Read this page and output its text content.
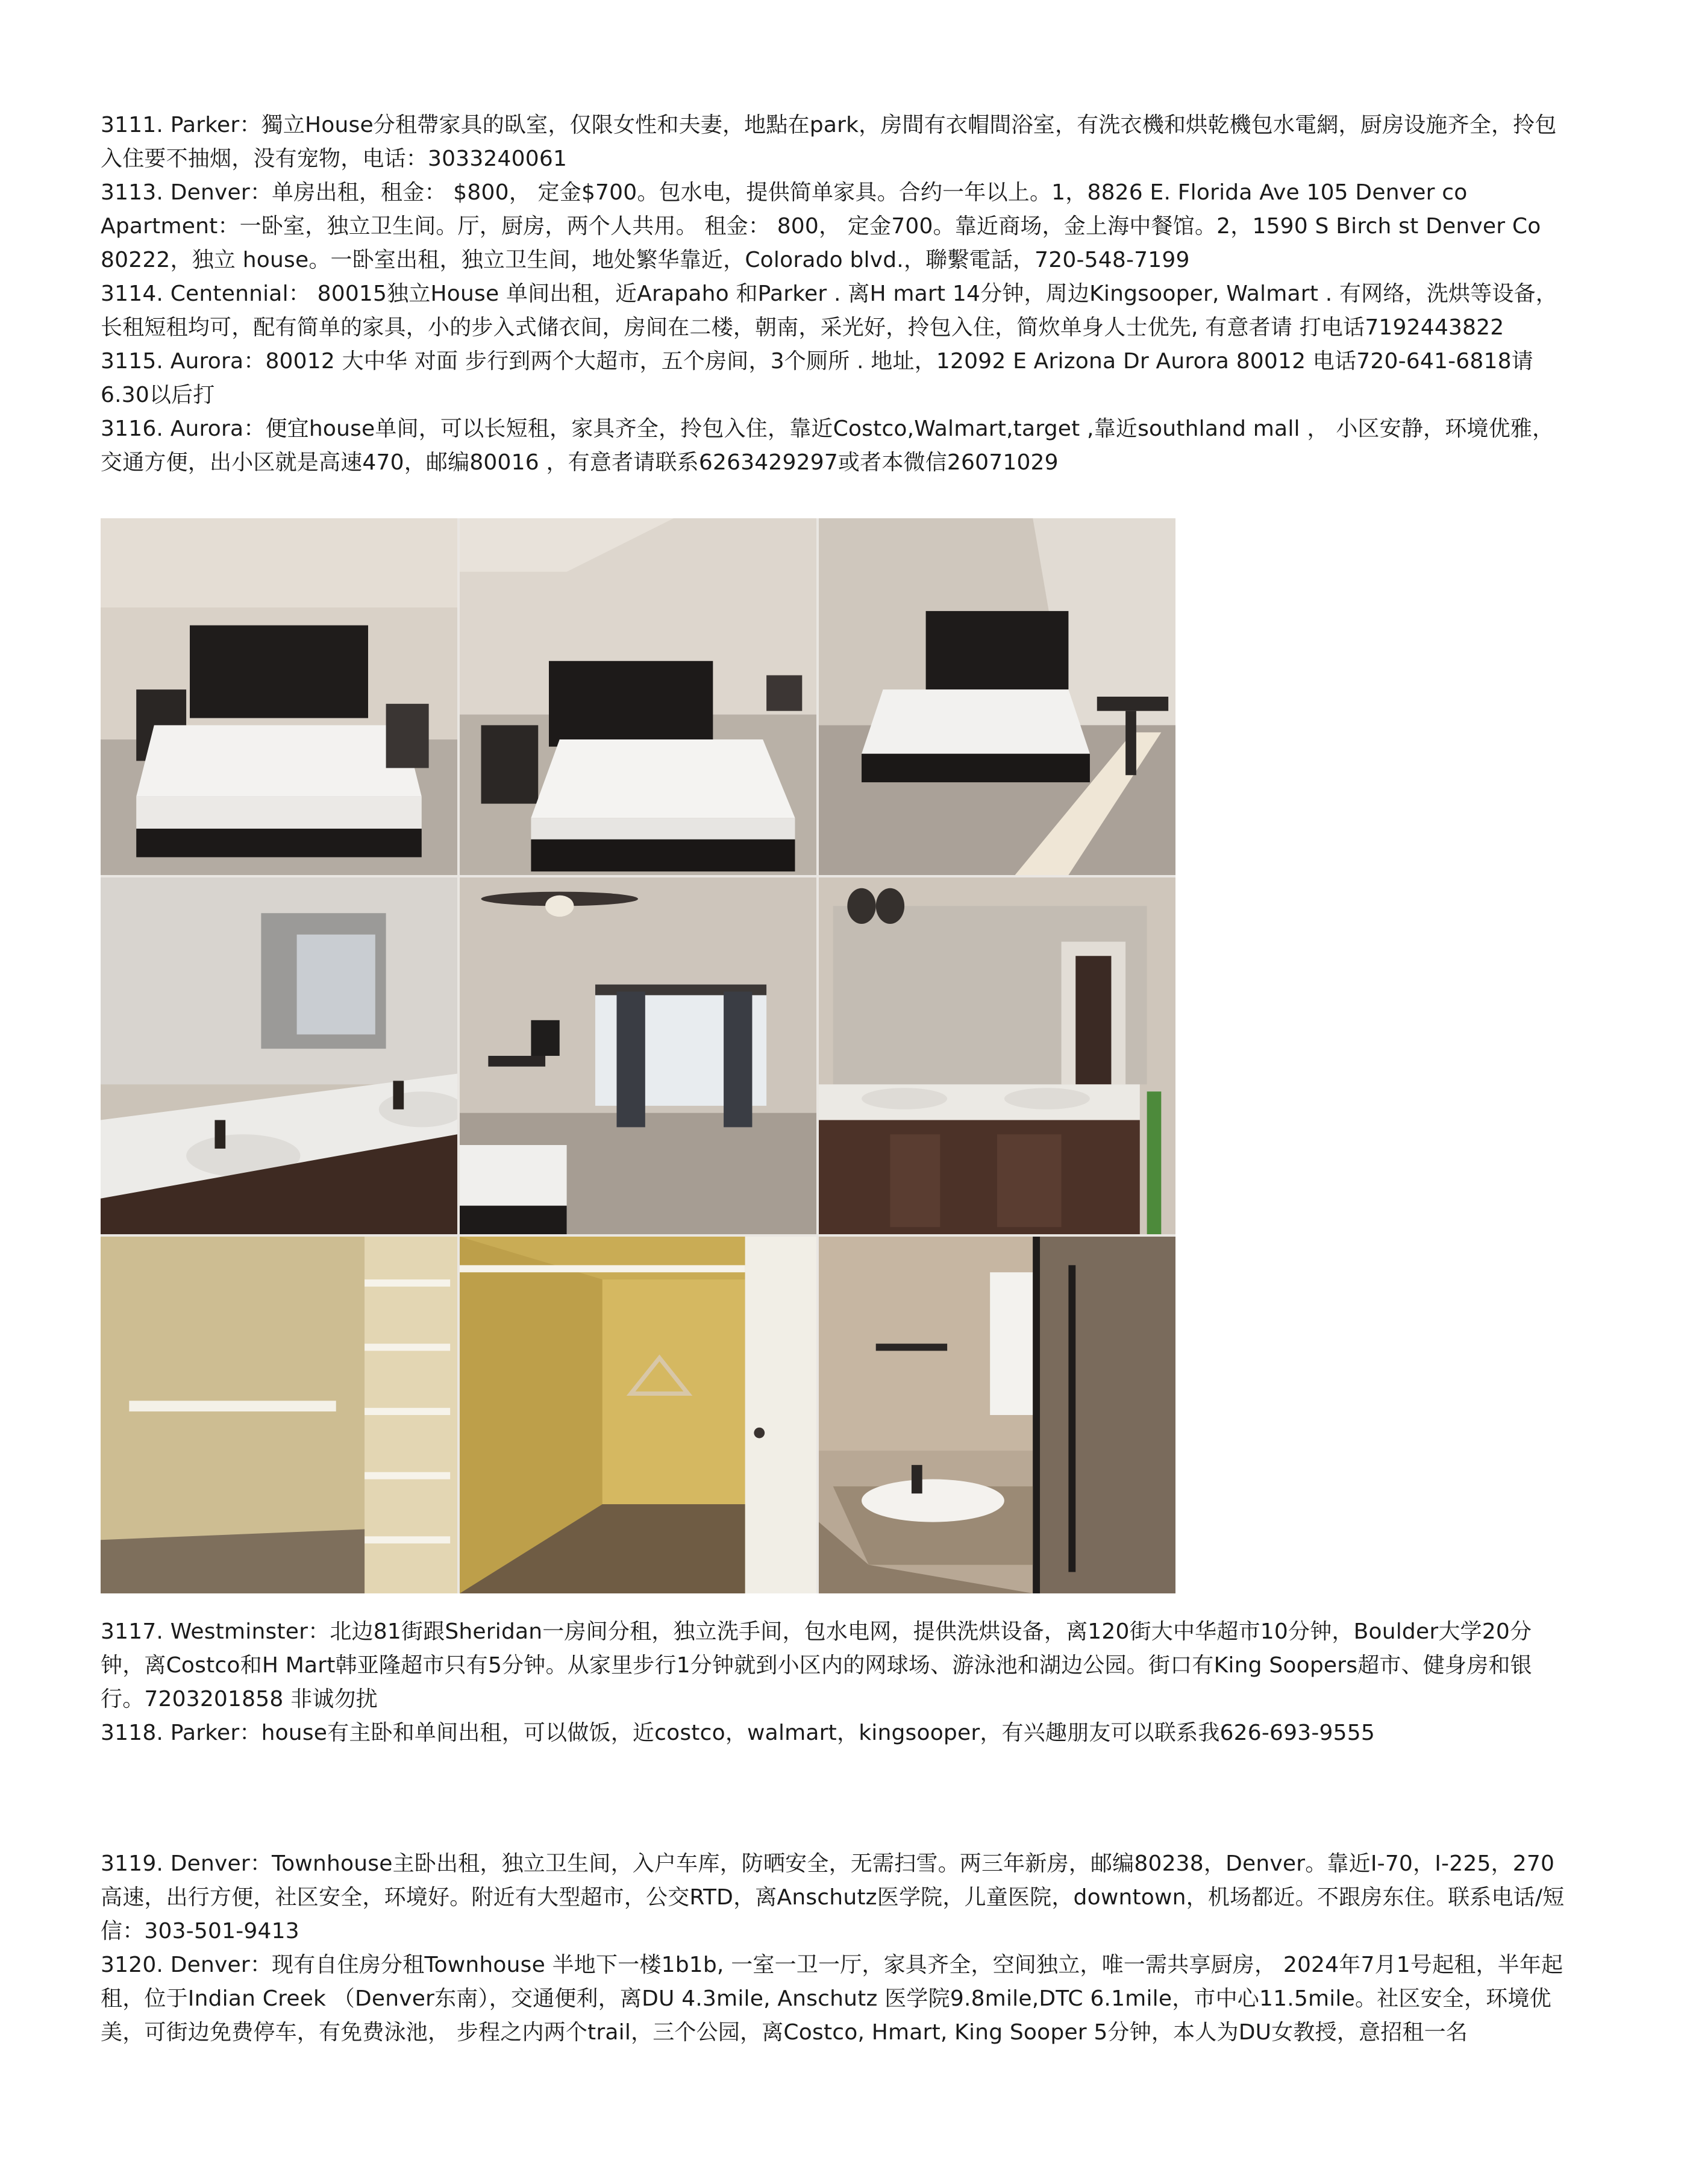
3111. Parker：獨立House分租帶家具的臥室，仅限女性和夫妻，地點在park，房間有衣帽間浴室，有洗衣機和烘乾機包水電網，厨房设施齐全，拎包入住要不抽烟，没有宠物，电话：3033240061

3113. Denver：单房出租，租金： $800， 定金$700。包水电，提供简单家具。合约一年以上。1，8826 E. Florida Ave 105 Denver co Apartment：一卧室，独立卫生间。厅，厨房，两个人共用。 租金： 800， 定金700。靠近商场，金上海中餐馆。2，1590 S Birch st Denver Co 80222，独立 house。一卧室出租，独立卫生间，地处繁华靠近，Colorado blvd.，聯繫電話，720-548-7199

3114. Centennial： 80015独立House 单间出租，近Arapaho 和Parker . 离H mart 14分钟，周边Kingsooper, Walmart . 有网络，洗烘等设备，长租短租均可，配有简单的家具，小的步入式储衣间，房间在二楼，朝南，采光好，拎包入住，简炊单身人士优先, 有意者请 打电话7192443822

3115. Aurora：80012 大中华 对面 步行到两个大超市，五个房间，3个厕所 . 地址，12092 E Arizona Dr Aurora 80012 电话720-641-6818请6.30以后打

3116. Aurora：便宜house单间，可以长短租，家具齐全，拎包入住，靠近Costco,Walmart,target ,靠近southland mall ， 小区安静，环境优雅，交通方便，出小区就是高速470，邮编80016 ，有意者请联系6263429297或者本微信26071029

3117. Westminster：北边81街跟Sheridan一房间分租，独立洗手间，包水电网，提供洗烘设备，离120街大中华超市10分钟，Boulder大学20分钟，离Costco和H Mart韩亚隆超市只有5分钟。从家里步行1分钟就到小区内的网球场、游泳池和湖边公园。街口有King Soopers超市、健身房和银行。7203201858 非诚勿扰

3118. Parker：house有主卧和单间出租，可以做饭，近costco，walmart，kingsooper，有兴趣朋友可以联系我626-693-9555

3119. Denver：Townhouse主卧出租，独立卫生间，入户车库，防晒安全，无需扫雪。两三年新房，邮编80238，Denver。靠近I-70，I-225，270高速，出行方便，社区安全，环境好。附近有大型超市，公交RTD，离Anschutz医学院，儿童医院，downtown，机场都近。不跟房东住。联系电话/短信：303-501-9413

3120. Denver：现有自住房分租Townhouse 半地下一楼1b1b, 一室一卫一厅，家具齐全，空间独立，唯一需共享厨房， 2024年7月1号起租，半年起租，位于Indian Creek （Denver东南），交通便利，离DU 4.3mile, Anschutz 医学院9.8mile,DTC 6.1mile，市中心11.5mile。社区安全，环境优美，可街边免费停车，有免费泳池， 步程之内两个trail，三个公园，离Costco, Hmart, King Sooper 5分钟，本人为DU女教授，意招租一名
